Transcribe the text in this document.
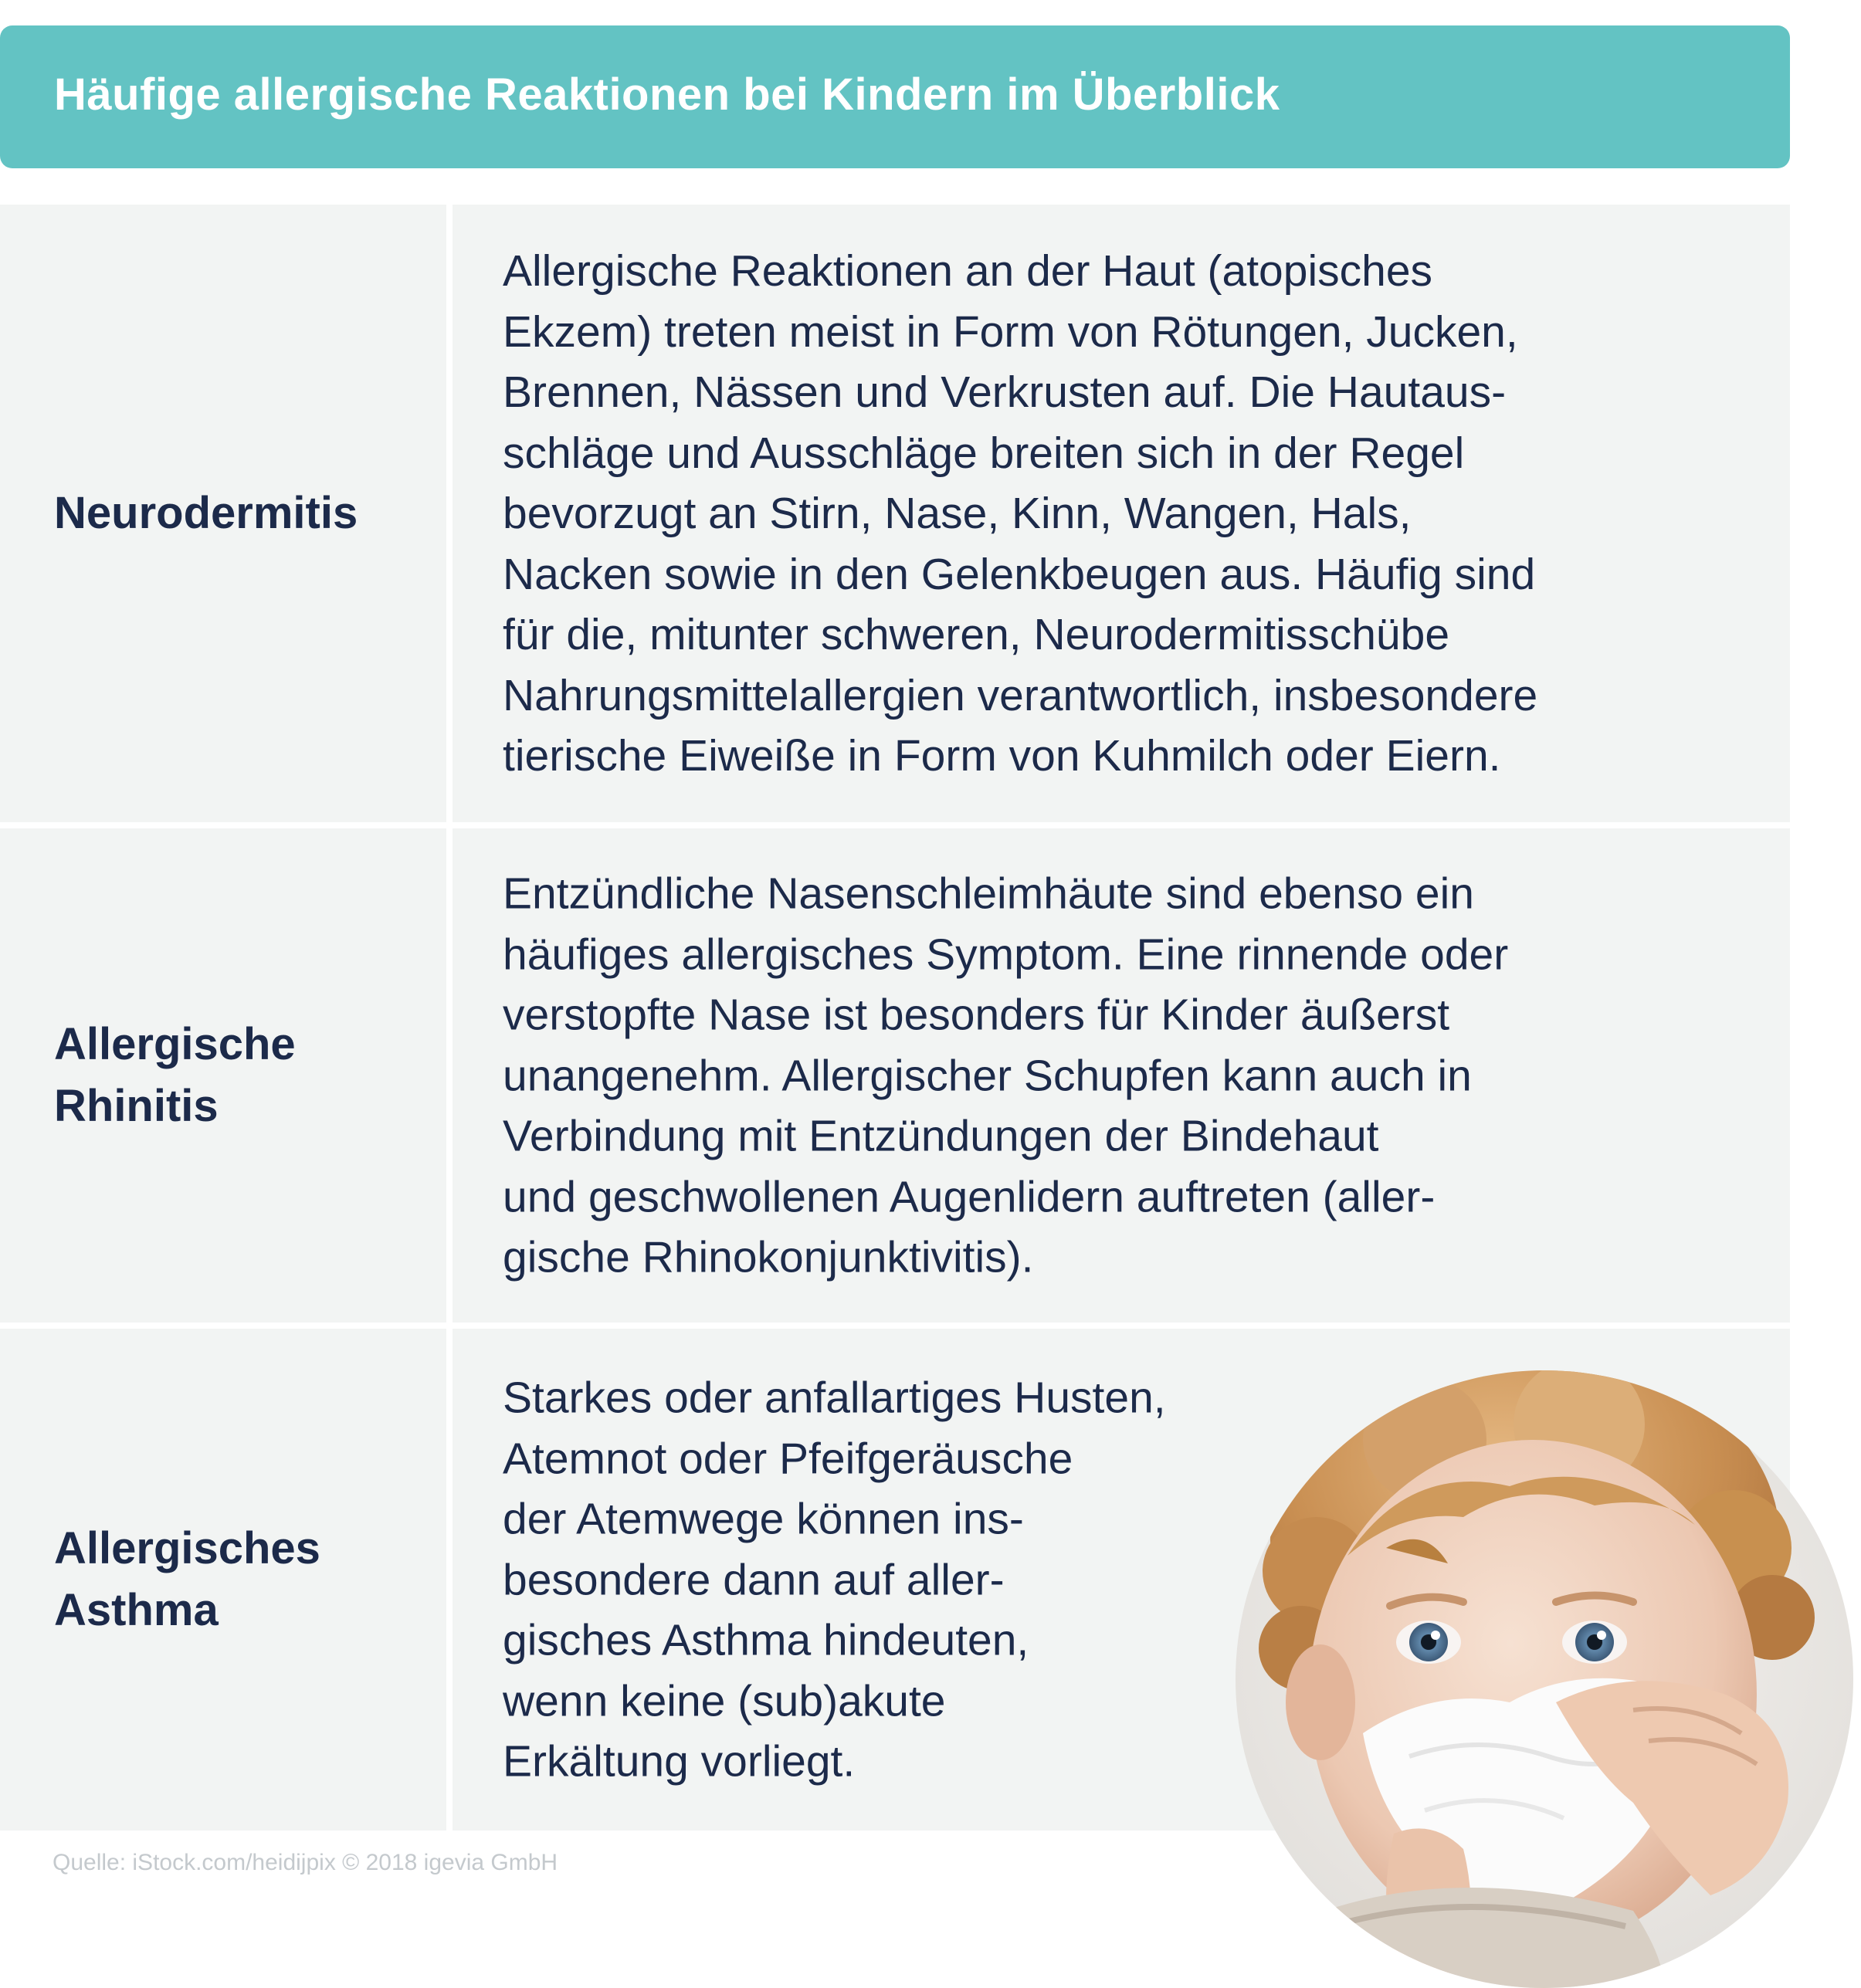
Häufige allergische Reaktionen bei Kindern im Überblick
Neurodermitis
Allergische Reaktionen an der Haut (atopisches
Ekzem) treten meist in Form von Rötungen, Jucken,
Brennen, Nässen und Verkrusten auf. Die Hautaus-
schläge und Ausschläge breiten sich in der Regel
bevorzugt an Stirn, Nase, Kinn, Wangen, Hals,
Nacken sowie in den Gelenkbeugen aus. Häufig sind
für die, mitunter schweren, Neurodermitisschübe
Nahrungsmittelallergien verantwortlich, insbesondere
tierische Eiweiße in Form von Kuhmilch oder Eiern.
Allergische
Rhinitis
Entzündliche Nasenschleimhäute sind ebenso ein
häufiges allergisches Symptom. Eine rinnende oder
verstopfte Nase ist besonders für Kinder äußerst
unangenehm. Allergischer Schupfen kann auch in
Verbindung mit Entzündungen der Bindehaut
und geschwollenen Augenlidern auftreten (aller-
gische Rhinokonjunktivitis).
Allergisches
Asthma
Starkes oder anfallartiges Husten,
Atemnot oder Pfeifgeräusche
der Atemwege können ins-
besondere dann auf aller-
gisches Asthma hindeuten,
wenn keine (sub)akute
Erkältung vorliegt.
Quelle: iStock.com/heidijpix © 2018 igevia GmbH
